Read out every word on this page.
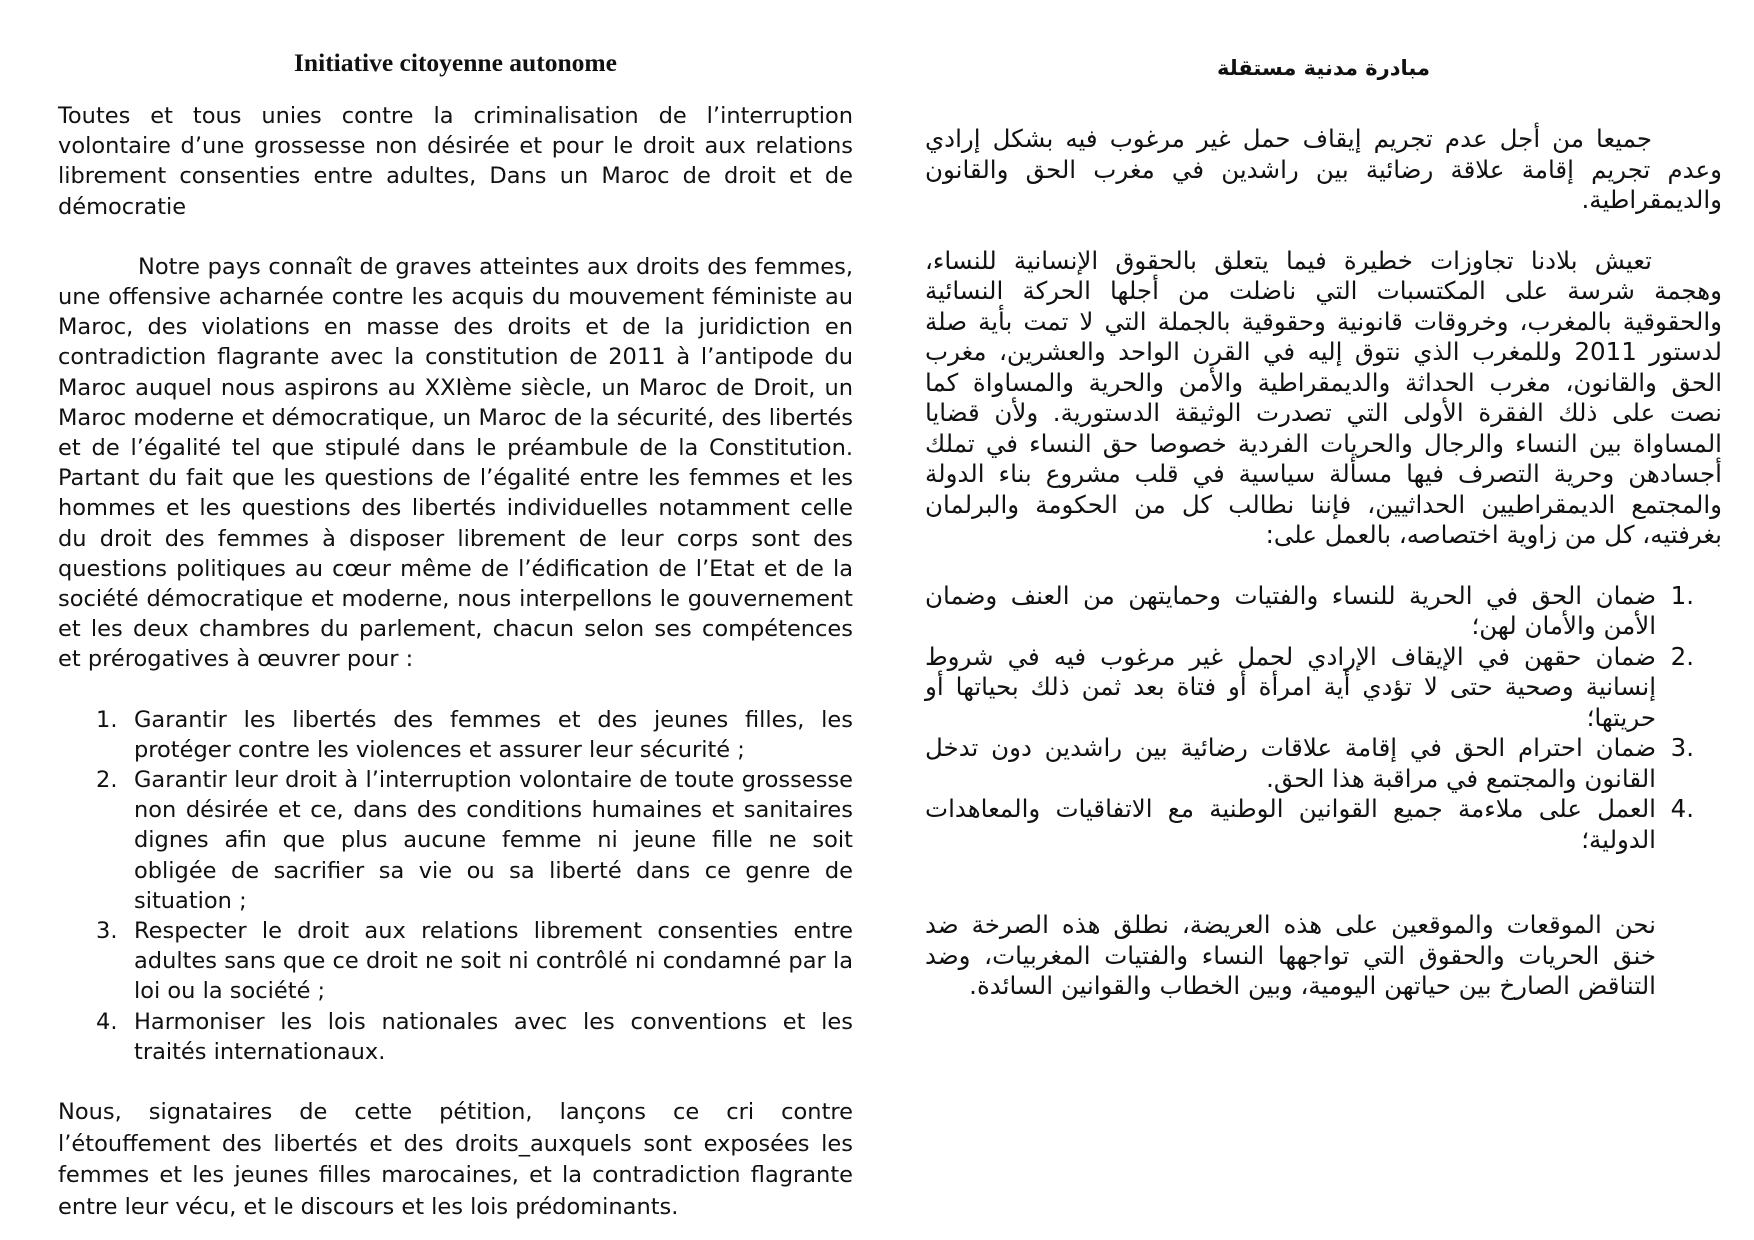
Initiative citoyenne autonome

Toutes et tous unies contre la criminalisation de l’interruption volontaire d’une grossesse non désirée et pour le droit aux relations librement consenties entre adultes, Dans un Maroc de droit et de démocratie

Notre pays connaît de graves atteintes aux droits des femmes, une offensive acharnée contre les acquis du mouvement féministe au Maroc, des violations en masse des droits et de la juridiction en contradiction flagrante avec la constitution de 2011 à l’antipode du Maroc auquel nous aspirons au XXIème siècle, un Maroc de Droit, un Maroc moderne et démocratique, un Maroc de la sécurité, des libertés et de l’égalité tel que stipulé dans le préambule de la Constitution. Partant du fait que les questions de l’égalité entre les femmes et les hommes et les questions des libertés individuelles notamment celle du droit des femmes à disposer librement de leur corps sont des questions politiques au cœur même de l’édification de l’Etat et de la société démocratique et moderne, nous interpellons le gouvernement et les deux chambres du parlement, chacun selon ses compétences et prérogatives à œuvrer pour :

1. Garantir les libertés des femmes et des jeunes filles, les protéger contre les violences et assurer leur sécurité ;
2. Garantir leur droit à l’interruption volontaire de toute grossesse non désirée et ce, dans des conditions humaines et sanitaires dignes afin que plus aucune femme ni jeune fille ne soit obligée de sacrifier sa vie ou sa liberté dans ce genre de situation ;
3. Respecter le droit aux relations librement consenties entre adultes sans que ce droit ne soit ni contrôlé ni condamné par la loi ou la société ;
4. Harmoniser les lois nationales avec les conventions et les traités internationaux.

Nous, signataires de cette pétition, lançons ce cri contre l’étouffement des libertés et des droits_auxquels sont exposées les femmes et les jeunes filles marocaines, et la contradiction flagrante entre leur vécu, et le discours et les lois prédominants.

مبادرة مدنية مستقلة

جميعا من أجل عدم تجريم إيقاف حمل غير مرغوب فيه بشكل إرادي وعدم تجريم إقامة علاقة رضائية بين راشدين في مغرب الحق والقانون والديمقراطية.

تعيش بلادنا تجاوزات خطيرة فيما يتعلق بالحقوق الإنسانية للنساء، وهجمة شرسة على المكتسبات التي ناضلت من أجلها الحركة النسائية والحقوقية بالمغرب، وخروقات قانونية وحقوقية بالجملة التي لا تمت بأية صلة لدستور 2011 وللمغرب الذي نتوق إليه في القرن الواحد والعشرين، مغرب الحق والقانون، مغرب الحداثة والديمقراطية والأمن والحرية والمساواة كما نصت على ذلك الفقرة الأولى التي تصدرت الوثيقة الدستورية. ولأن قضايا المساواة بين النساء والرجال والحريات الفردية خصوصا حق النساء في تملك أجسادهن وحرية التصرف فيها مسألة سياسية في قلب مشروع بناء الدولة والمجتمع الديمقراطيين الحداثيين، فإننا نطالب كل من الحكومة والبرلمان بغرفتيه، كل من زاوية اختصاصه، بالعمل على:

1.
ضمان الحق في الحرية للنساء والفتيات وحمايتهن من العنف وضمان الأمن والأمان لهن؛
2.
ضمان حقهن في الإيقاف الإرادي لحمل غير مرغوب فيه في شروط إنسانية وصحية حتى لا تؤدي أية امرأة أو فتاة بعد ثمن ذلك بحياتها أو حريتها؛
3.
ضمان احترام الحق في إقامة علاقات رضائية بين راشدين دون تدخل القانون والمجتمع في مراقبة هذا الحق.
4.
العمل على ملاءمة جميع القوانين الوطنية مع الاتفاقيات والمعاهدات الدولية؛

نحن الموقعات والموقعين على هذه العريضة، نطلق هذه الصرخة ضد خنق الحريات والحقوق التي تواجهها النساء والفتيات المغربيات، وضد التناقض الصارخ بين حياتهن اليومية، وبين الخطاب والقوانين السائدة.
